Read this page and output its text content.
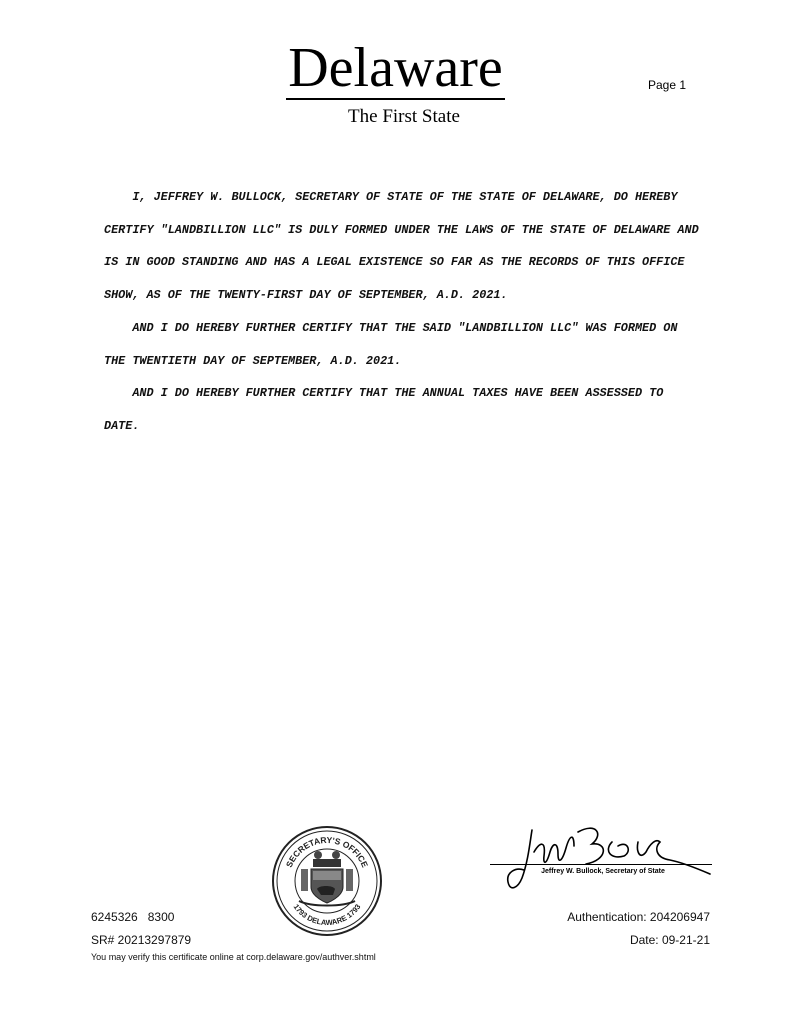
Delaware
The First State
Page 1

I, JEFFREY W. BULLOCK, SECRETARY OF STATE OF THE STATE OF DELAWARE, DO HEREBY CERTIFY "LANDBILLION LLC" IS DULY FORMED UNDER THE LAWS OF THE STATE OF DELAWARE AND IS IN GOOD STANDING AND HAS A LEGAL EXISTENCE SO FAR AS THE RECORDS OF THIS OFFICE SHOW, AS OF THE TWENTY-FIRST DAY OF SEPTEMBER, A.D. 2021.

AND I DO HEREBY FURTHER CERTIFY THAT THE SAID "LANDBILLION LLC" WAS FORMED ON THE TWENTIETH DAY OF SEPTEMBER, A.D. 2021.

AND I DO HEREBY FURTHER CERTIFY THAT THE ANNUAL TAXES HAVE BEEN ASSESSED TO DATE.

Jeffrey W. Bullock, Secretary of State
SECRETARY'S OFFICE
1793 DELAWARE 1793
6245326 8300
SR# 20213297879
You may verify this certificate online at corp.delaware.gov/authver.shtml
Authentication: 204206947
Date: 09-21-21
